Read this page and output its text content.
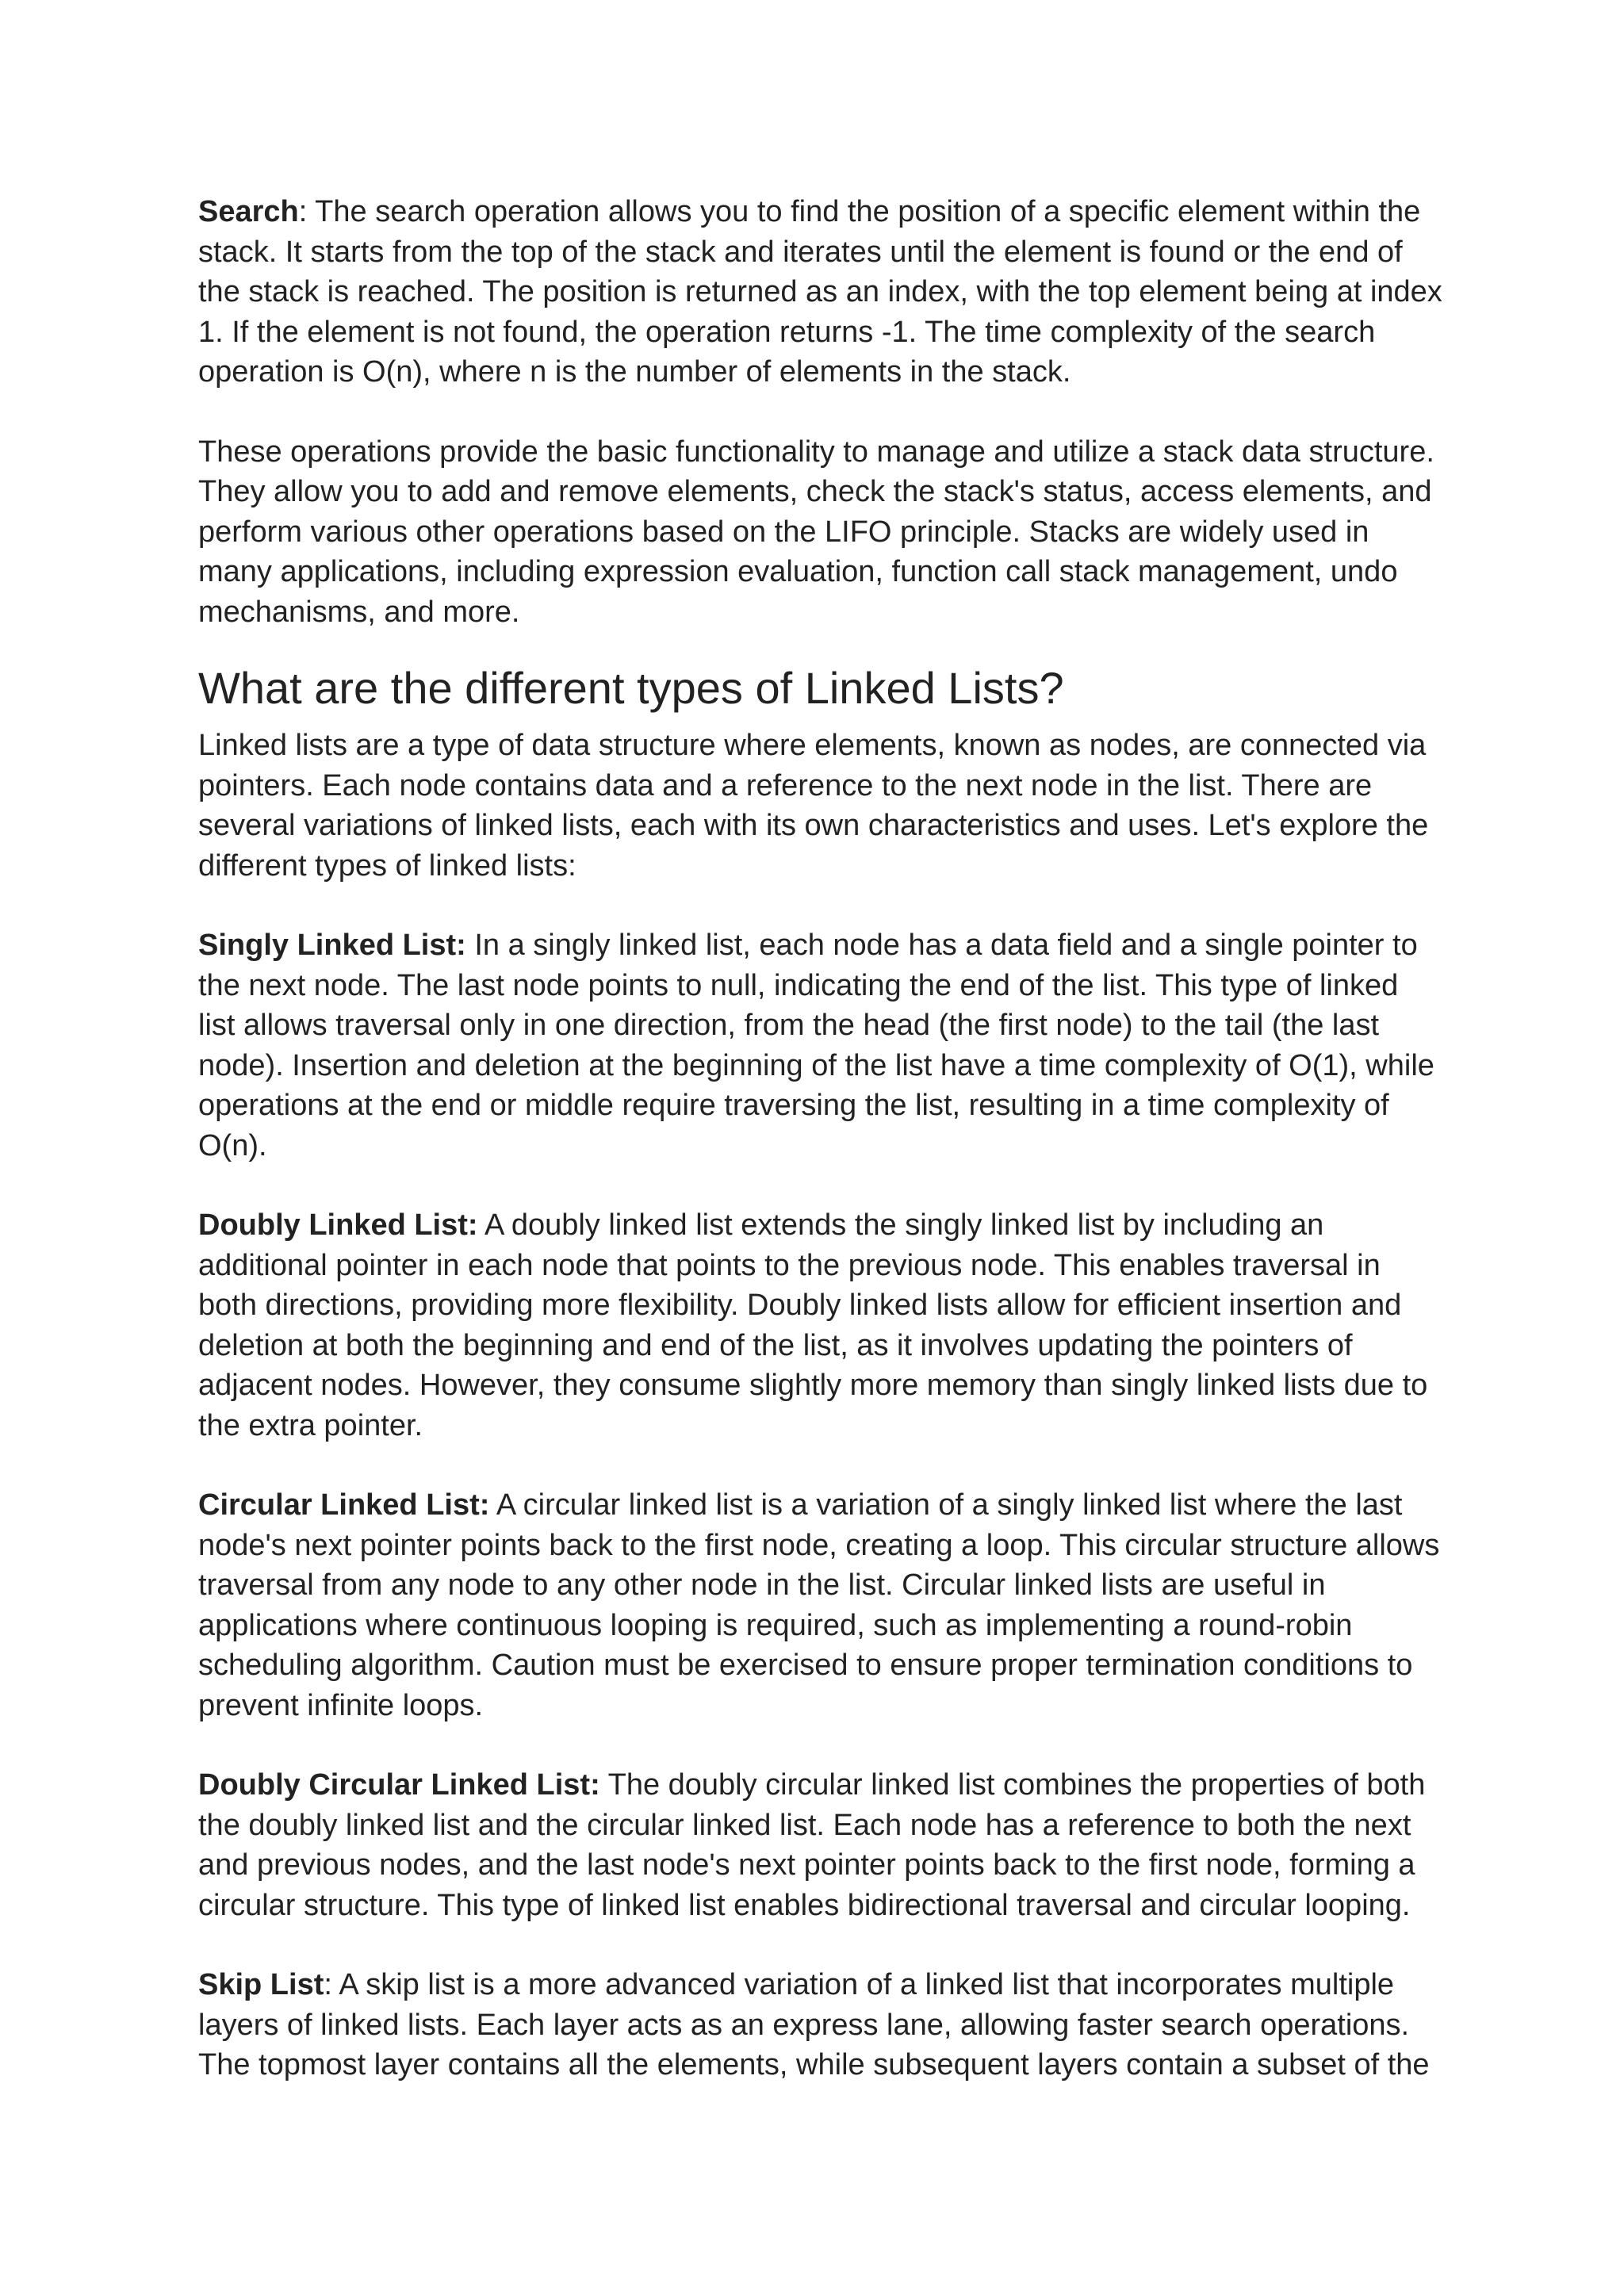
Search: The search operation allows you to find the position of a specific element within the stack. It starts from the top of the stack and iterates until the element is found or the end of the stack is reached. The position is returned as an index, with the top element being at index 1. If the element is not found, the operation returns -1. The time complexity of the search operation is O(n), where n is the number of elements in the stack.

These operations provide the basic functionality to manage and utilize a stack data structure. They allow you to add and remove elements, check the stack's status, access elements, and perform various other operations based on the LIFO principle. Stacks are widely used in many applications, including expression evaluation, function call stack management, undo mechanisms, and more.

What are the different types of Linked Lists?

Linked lists are a type of data structure where elements, known as nodes, are connected via pointers. Each node contains data and a reference to the next node in the list. There are several variations of linked lists, each with its own characteristics and uses. Let's explore the different types of linked lists:

Singly Linked List: In a singly linked list, each node has a data field and a single pointer to the next node. The last node points to null, indicating the end of the list. This type of linked list allows traversal only in one direction, from the head (the first node) to the tail (the last node). Insertion and deletion at the beginning of the list have a time complexity of O(1), while operations at the end or middle require traversing the list, resulting in a time complexity of O(n).

Doubly Linked List: A doubly linked list extends the singly linked list by including an additional pointer in each node that points to the previous node. This enables traversal in both directions, providing more flexibility. Doubly linked lists allow for efficient insertion and deletion at both the beginning and end of the list, as it involves updating the pointers of adjacent nodes. However, they consume slightly more memory than singly linked lists due to the extra pointer.

Circular Linked List: A circular linked list is a variation of a singly linked list where the last node's next pointer points back to the first node, creating a loop. This circular structure allows traversal from any node to any other node in the list. Circular linked lists are useful in applications where continuous looping is required, such as implementing a round-robin scheduling algorithm. Caution must be exercised to ensure proper termination conditions to prevent infinite loops.

Doubly Circular Linked List: The doubly circular linked list combines the properties of both the doubly linked list and the circular linked list. Each node has a reference to both the next and previous nodes, and the last node's next pointer points back to the first node, forming a circular structure. This type of linked list enables bidirectional traversal and circular looping.

Skip List: A skip list is a more advanced variation of a linked list that incorporates multiple layers of linked lists. Each layer acts as an express lane, allowing faster search operations. The topmost layer contains all the elements, while subsequent layers contain a subset of the
